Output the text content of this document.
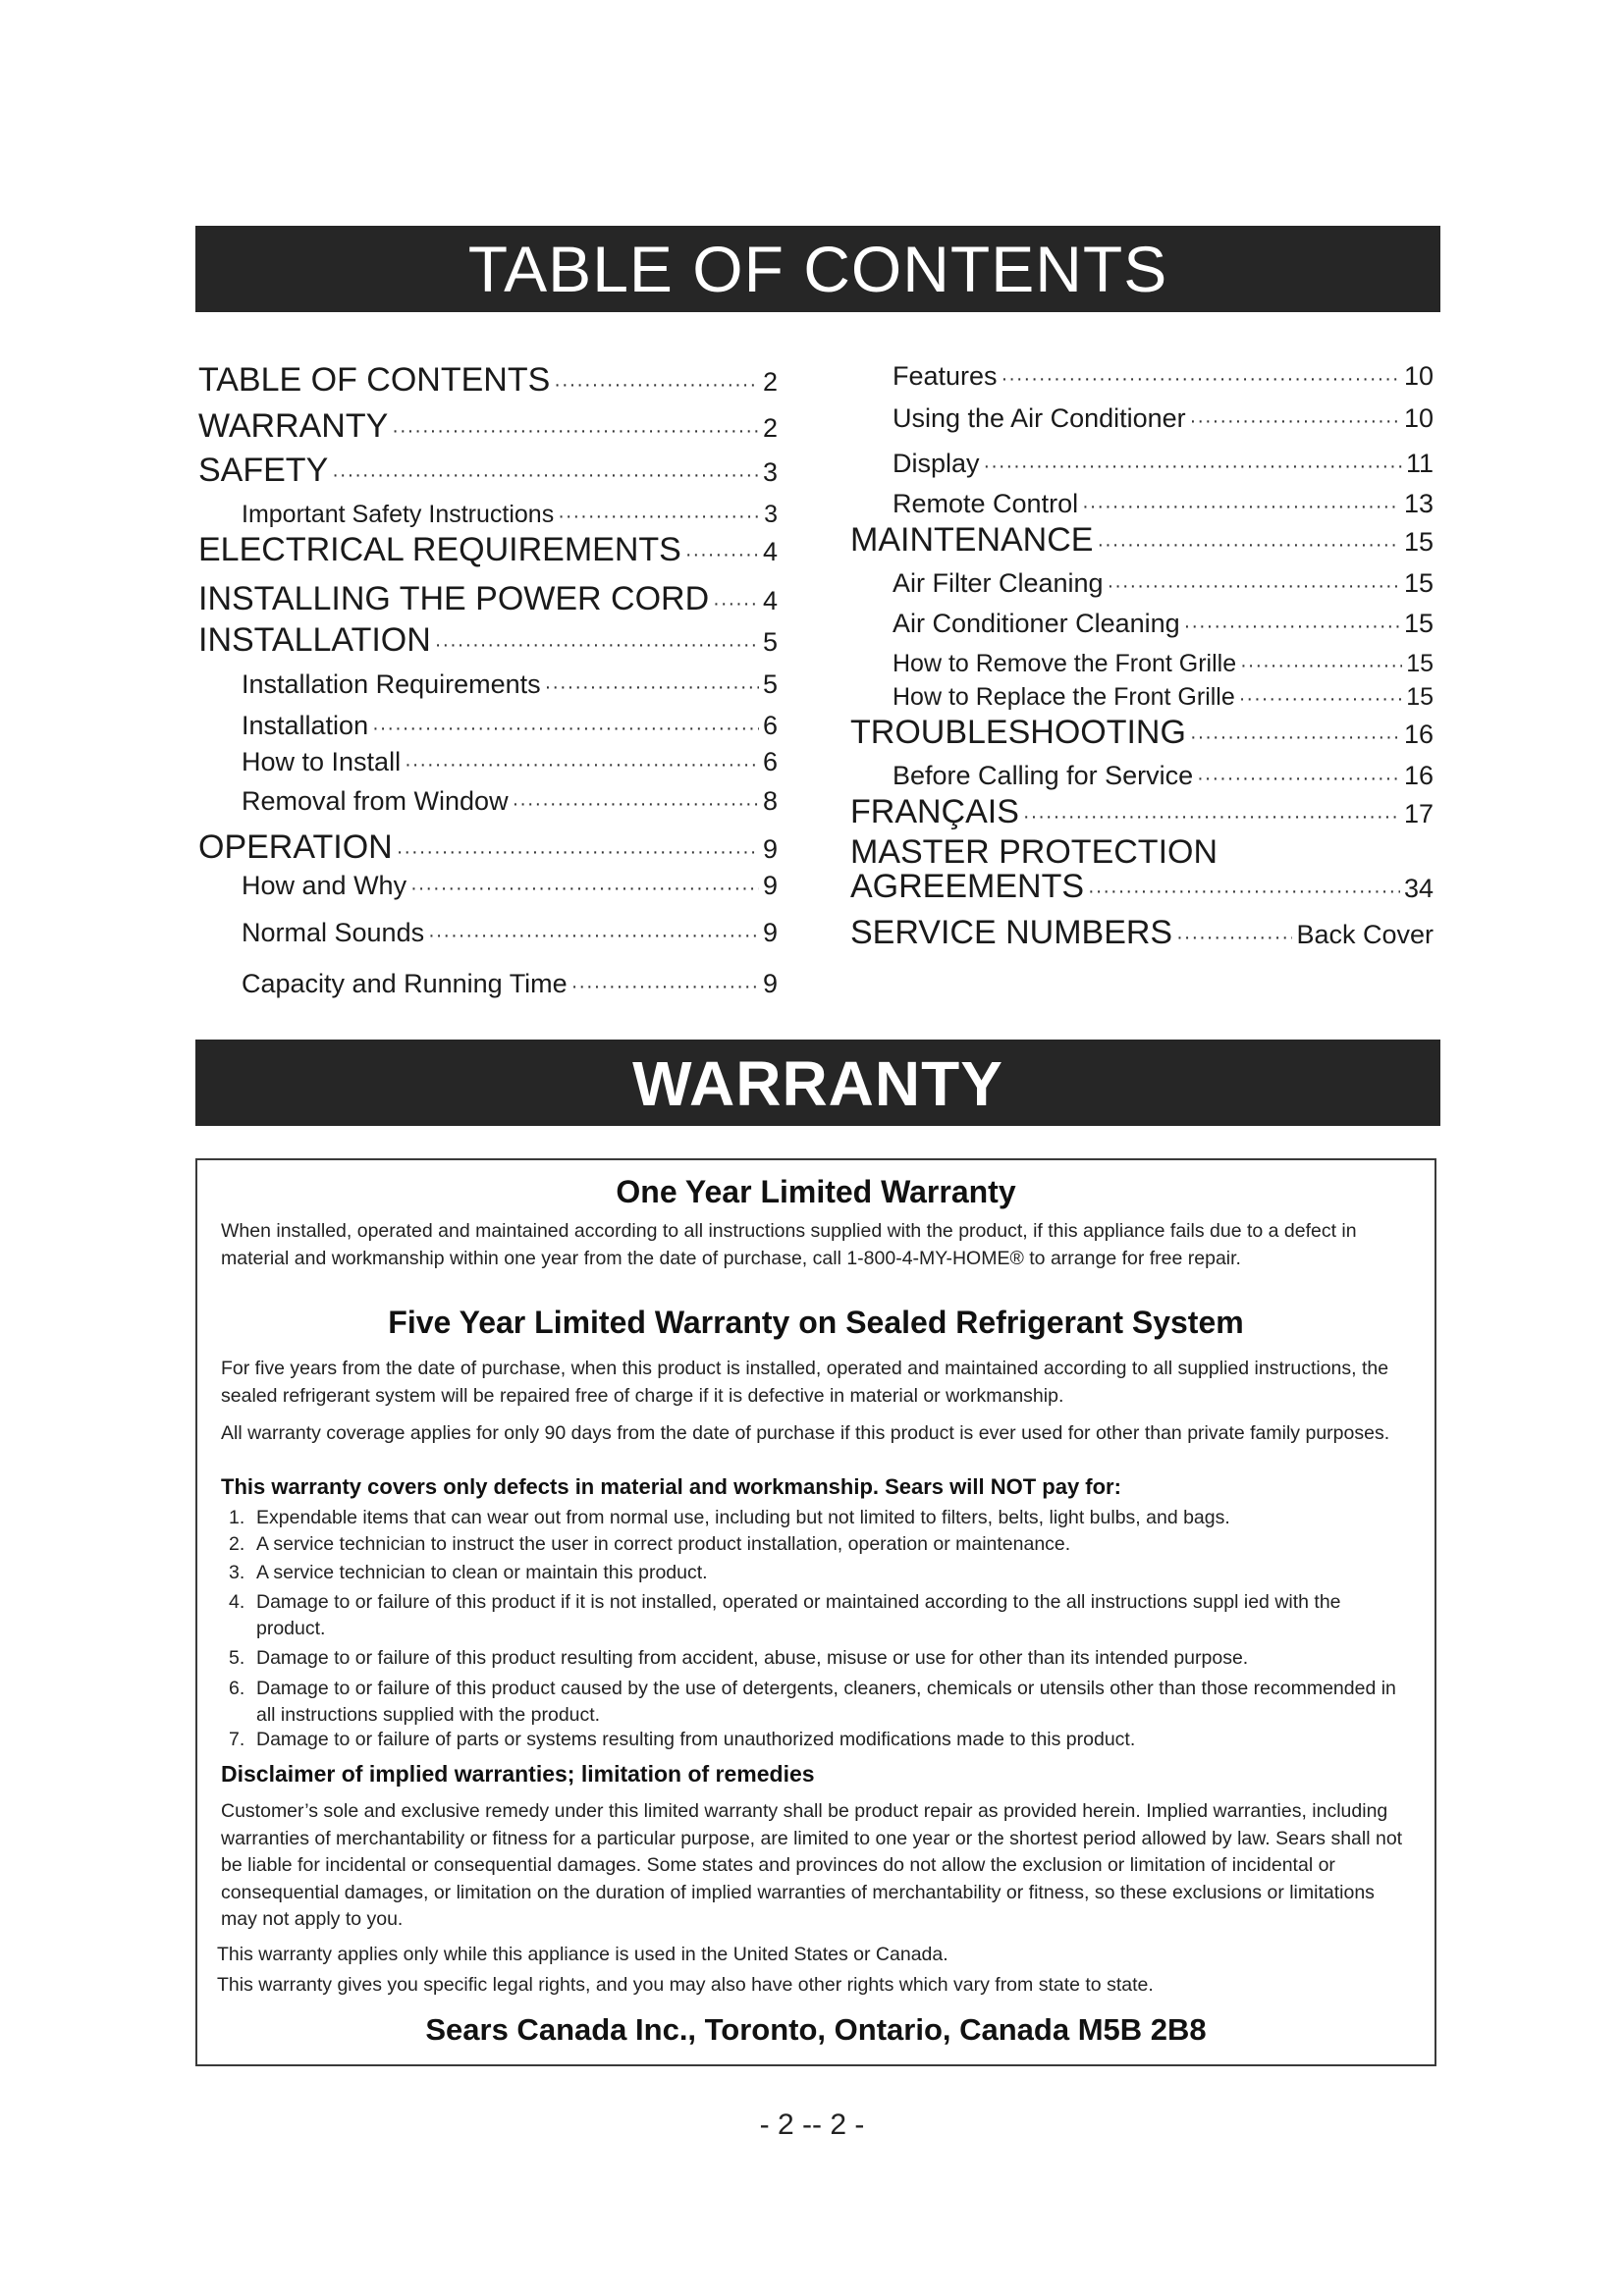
TABLE OF CONTENTS
TABLE OF CONTENTS ·····	2
WARRANTY ·····	2
SAFETY ·····	3
Important Safety Instructions ·····	3
ELECTRICAL REQUIREMENTS ·····	4
INSTALLING THE POWER CORD ····· 4
INSTALLATION ·····	5
Installation Requirements ·····	5
Installation ·····	6
How to Install ·····	6
Removal from Window ·····	8
OPERATION ·····	9
How and Why ·····	9
Normal Sounds ·····	9
Capacity and Running Time ·····	9
Features ·····	10
Using the Air Conditioner ·····	10
Display ·····	11
Remote Control ·····	13
MAINTENANCE ·····	15
Air Filter Cleaning ·····	15
Air Conditioner Cleaning ·····	15
How to Remove the Front Grille ·····	15
How to Replace the Front Grille ·····	15
TROUBLESHOOTING ·····	16
Before Calling for Service ·····	16
FRANÇAIS ·····	17
MASTER PROTECTION
AGREEMENTS ·····	34
SERVICE NUMBERS ·····	Back Cover
WARRANTY
One Year Limited Warranty
When installed, operated and maintained according to all instructions supplied with the product, if this appliance fails due to a defect in material and workmanship within one year from the date of purchase, call 1-800-4-MY-HOME® to arrange for free repair.
Five Year Limited Warranty on Sealed Refrigerant System
For five years from the date of purchase, when this product is installed, operated and maintained according to all supplied instructions, the sealed refrigerant system will be repaired free of charge if it is defective in material or workmanship.
All warranty coverage applies for only 90 days from the date of purchase if this product is ever used for other than private family purposes.
This warranty covers only defects in material and workmanship. Sears will NOT pay for:
1. Expendable items that can wear out from normal use, including but not limited to filters, belts, light bulbs, and bags.
2. A service technician to instruct the user in correct product installation, operation or maintenance.
3. A service technician to clean or maintain this product.
4. Damage to or failure of this product if it is not installed, operated or maintained according to the all instructions suppl ied with the product.
5. Damage to or failure of this product resulting from accident, abuse, misuse or use for other than its intended purpose.
6. Damage to or failure of this product caused by the use of detergents, cleaners, chemicals or utensils other than those recommended in all instructions supplied with the product.
7. Damage to or failure of parts or systems resulting from unauthorized modifications made to this product.
Disclaimer of implied warranties; limitation of remedies
Customer’s sole and exclusive remedy under this limited warranty shall be product repair as provided herein. Implied warranties, including warranties of merchantability or fitness for a particular purpose, are limited to one year or the shortest period allowed by law. Sears shall not be liable for incidental or consequential damages. Some states and provinces do not allow the exclusion or limitation of incidental or consequential damages, or limitation on the duration of implied warranties of merchantability or fitness, so these exclusions or limitations may not apply to you.
This warranty applies only while this appliance is used in the United States or Canada.
This warranty gives you specific legal rights, and you may also have other rights which vary from state to state.
Sears Canada Inc., Toronto, Ontario, Canada M5B 2B8
- 2 -- 2 -
